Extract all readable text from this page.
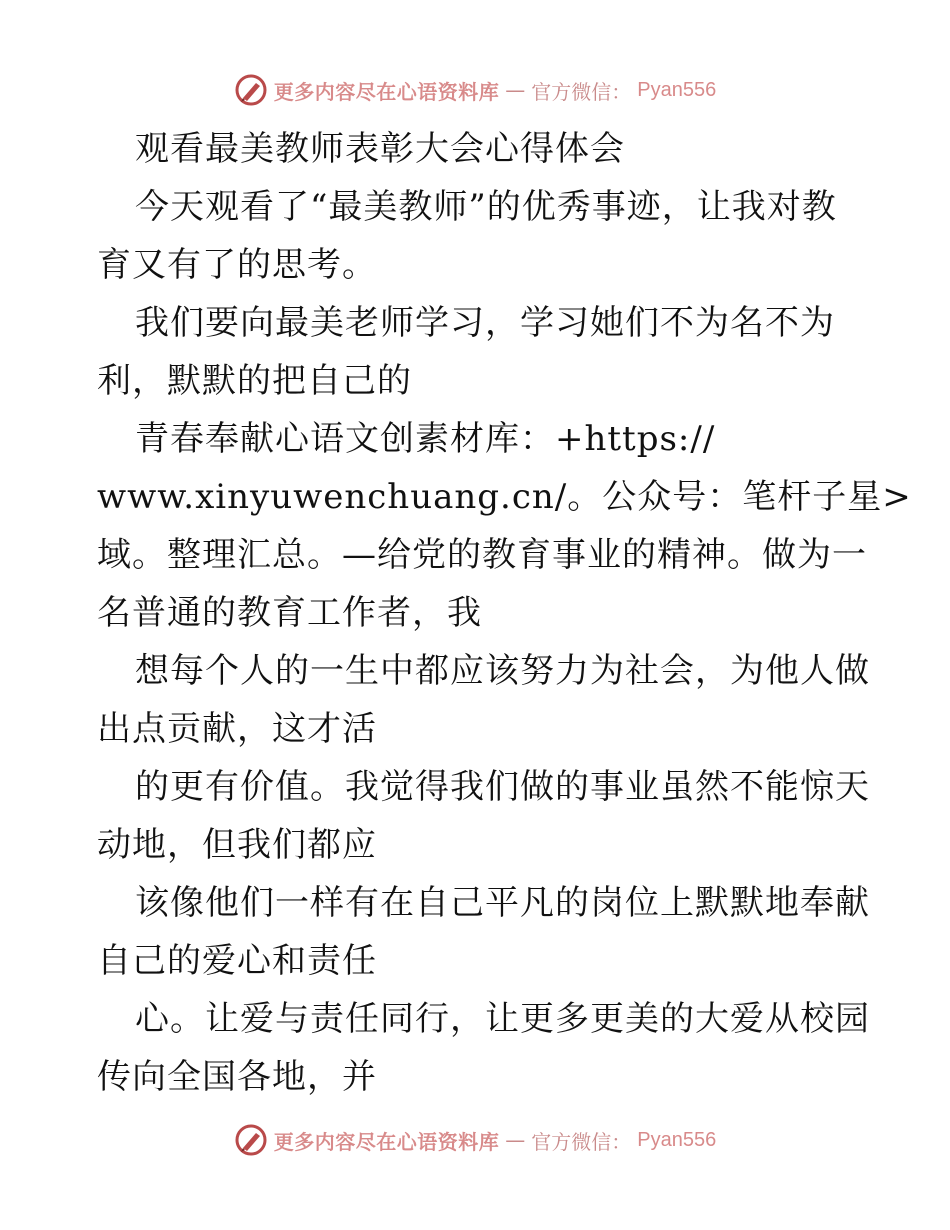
更多内容尽在心语资料库 — 官方微信： Pyan556
观看最美教师表彰大会心得体会
今天观看了“最美教师”的优秀事迹，让我对教
育又有了的思考。
我们要向最美老师学习，学习她们不为名不为
利，默默的把自己的
青春奉献心语文创素材库：+https://
www.xinyuwenchuang.cn/。公众号：笔杆子星>
域。整理汇总。—给党的教育事业的精神。做为一
名普通的教育工作者，我
想每个人的一生中都应该努力为社会，为他人做
出点贡献，这才活
的更有价值。我觉得我们做的事业虽然不能惊天
动地，但我们都应
该像他们一样有在自己平凡的岗位上默默地奉献
自己的爱心和责任
心。让爱与责任同行，让更多更美的大爱从校园
传向全国各地，并
更多内容尽在心语资料库 — 官方微信： Pyan556
